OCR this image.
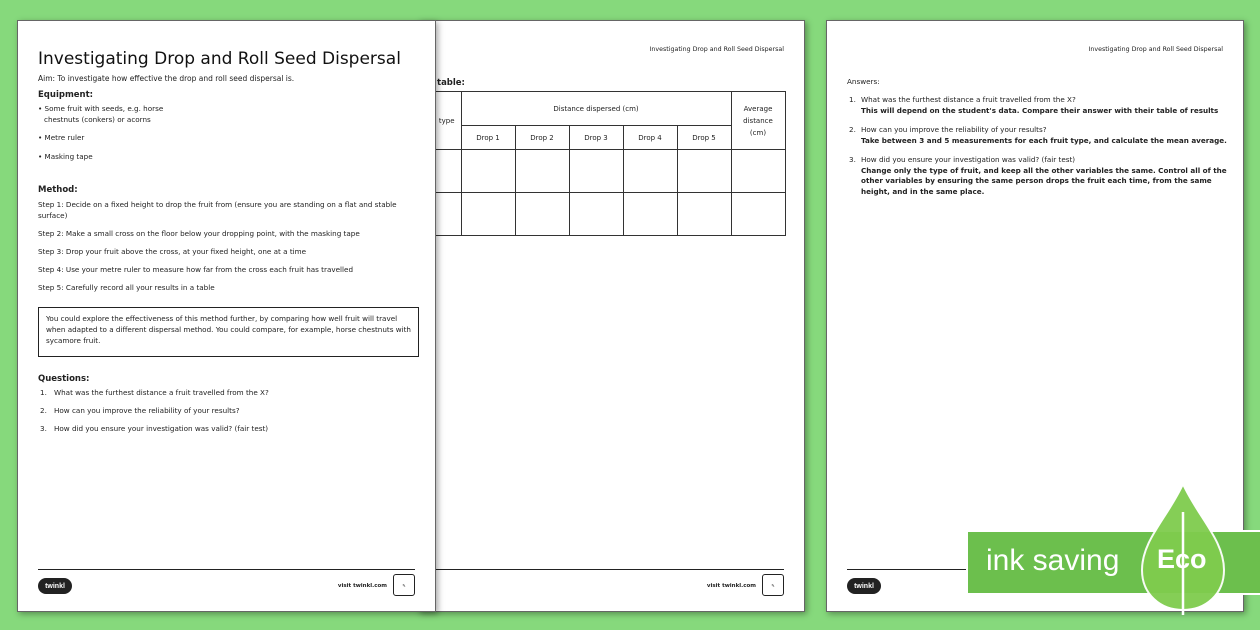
Investigating Drop and Roll Seed Dispersal
Aim: To investigate how effective the drop and roll seed dispersal is.
Equipment:
• Some fruit with seeds, e.g. horse
chestnuts (conkers) or acorns
• Metre ruler
• Masking tape
Method:
Step 1: Decide on a fixed height to drop the fruit from (ensure you are standing on a flat and stable surface)
Step 2: Make a small cross on the floor below your dropping point, with the masking tape
Step 3: Drop your fruit above the cross, at your fixed height, one at a time
Step 4: Use your metre ruler to measure how far from the cross each fruit has travelled
Step 5: Carefully record all your results in a table
You could explore the effectiveness of this method further, by comparing how well fruit will travel when adapted to a different dispersal method. You could compare, for example, horse chestnuts with sycamore fruit.
Questions:
1. What was the furthest distance a fruit travelled from the X?
2. How can you improve the reliability of your results?
3. How did you ensure your investigation was valid? (fair test)
twinkl	visit twinkl.com	✎
Investigating Drop and Roll Seed Dispersal
table:
type	Distance dispersed (cm)					Average distance (cm)
	Drop 1	Drop 2	Drop 3	Drop 4	Drop 5	

visit twinkl.com	✎
Investigating Drop and Roll Seed Dispersal
Answers:
1. What was the furthest distance a fruit travelled from the X?
This will depend on the student's data. Compare their answer with their table of results
2. How can you improve the reliability of your results?
Take between 3 and 5 measurements for each fruit type, and calculate the mean average.
3. How did you ensure your investigation was valid? (fair test)
Change only the type of fruit, and keep all the other variables the same. Control all of the other variables by ensuring the same person drops the fruit each time, from the same height, and in the same place.
twinkl
ink saving Eco
